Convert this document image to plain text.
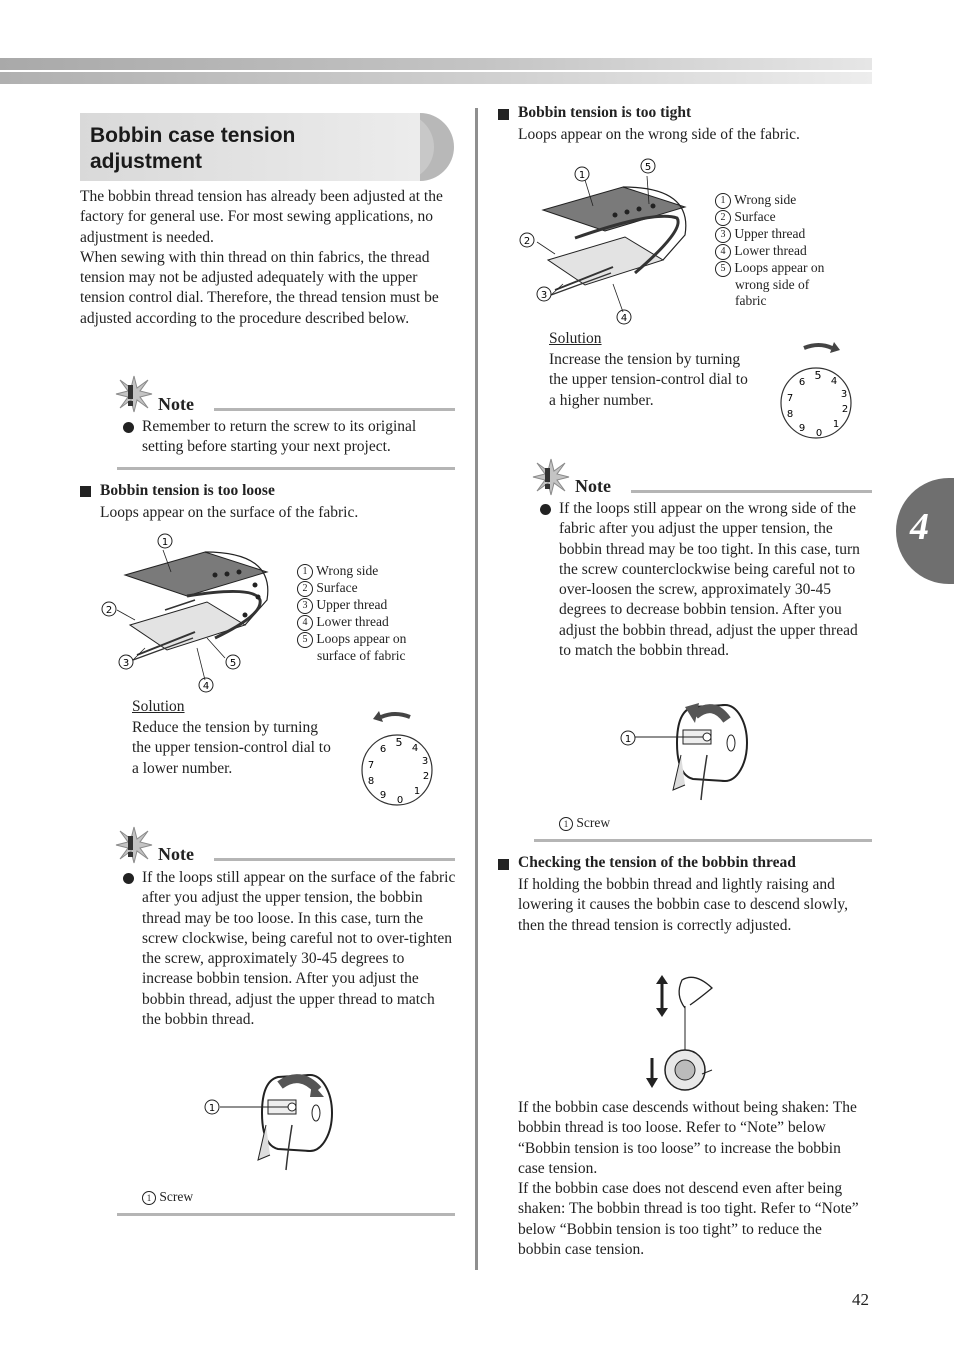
Bobbin case tension adjustment
The bobbin thread tension has already been adjusted at the factory for general use. For most sewing applications, no adjustment is needed.
When sewing with thin thread on thin fabrics, the thread tension may not be adjusted adequately with the upper tension control dial. Therefore, the thread tension must be adjusted according to the procedure described below.
Note
Remember to return the screw to its original setting before starting your next project.
Bobbin tension is too loose
Loops appear on the surface of the fabric.
1
2
3
4
5
1 Wrong side
2 Surface
3 Upper thread
4 Lower thread
5 Loops appear on
surface of fabric
Solution
Reduce the tension by turning the upper tension-control dial to a lower number.
5 4
3
2
1
0
9
8
7
6
Note
If the loops still appear on the surface of the fabric after you adjust the upper tension, the bobbin thread may be too loose. In this case, turn the screw clockwise, being careful not to over-tighten the screw, approximately 30-45 degrees to increase bobbin tension. After you adjust the bobbin thread, adjust the upper thread to match the bobbin thread.
1
1 Screw
Bobbin tension is too tight
Loops appear on the wrong side of the fabric.
1
5
2
3
4
1 Wrong side
2 Surface
3 Upper thread
4 Lower thread
5 Loops appear on
wrong side of
fabric
Solution
Increase the tension by turning the upper tension-control dial to a higher number.
5 4
3
2
1
0
9
8
7
6
Note
If the loops still appear on the wrong side of the fabric after you adjust the upper tension, the bobbin thread may be too tight. In this case, turn the screw counterclockwise being careful not to over-loosen the screw, approximately 30-45 degrees to decrease bobbin tension. After you adjust the bobbin thread, adjust the upper thread to match the bobbin thread.
1
1 Screw
Checking the tension of the bobbin thread
If holding the bobbin thread and lightly raising and lowering it causes the bobbin case to descend slowly, then the thread tension is correctly adjusted.
If the bobbin case descends without being shaken: The bobbin thread is too loose. Refer to “Note” below “Bobbin tension is too loose” to increase the bobbin case tension.
If the bobbin case does not descend even after being shaken: The bobbin thread is too tight. Refer to “Note” below “Bobbin tension is too tight” to reduce the bobbin case tension.
4
42
